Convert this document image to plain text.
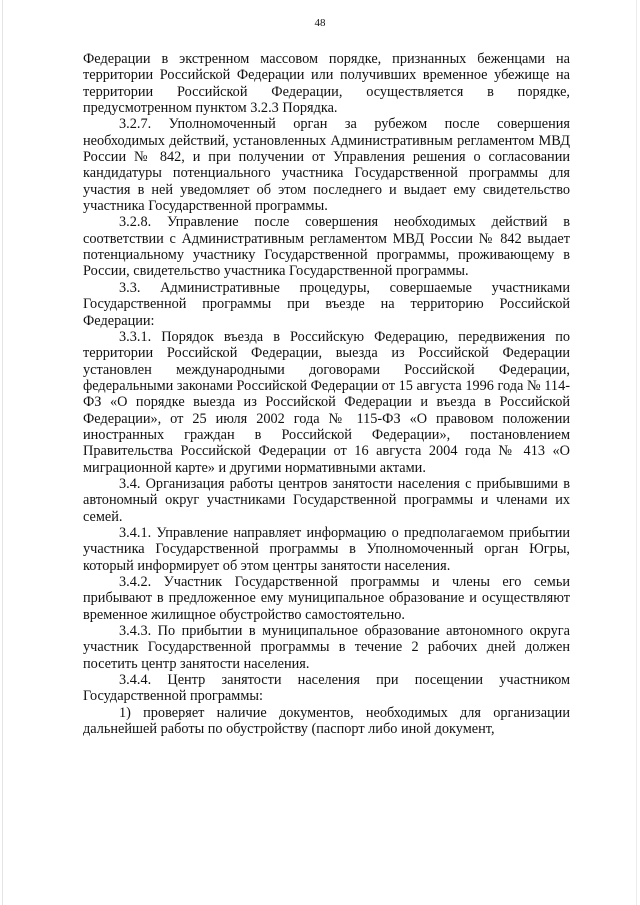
48

Федерации в экстренном массовом порядке, признанных беженцами на территории Российской Федерации или получивших временное убежище на территории Российской Федерации, осуществляется в порядке, предусмотренном пунктом 3.2.3 Порядка.

3.2.7. Уполномоченный орган за рубежом после совершения необходимых действий, установленных Административным регламентом МВД России № 842, и при получении от Управления решения о согласовании кандидатуры потенциального участника Государственной программы для участия в ней уведомляет об этом последнего и выдает ему свидетельство участника Государственной программы.

3.2.8. Управление после совершения необходимых действий в соответствии с Административным регламентом МВД России № 842 выдает потенциальному участнику Государственной программы, проживающему в России, свидетельство участника Государственной программы.

3.3. Административные процедуры, совершаемые участниками Государственной программы при въезде на территорию Российской Федерации:

3.3.1. Порядок въезда в Российскую Федерацию, передвижения по территории Российской Федерации, выезда из Российской Федерации установлен международными договорами Российской Федерации, федеральными законами Российской Федерации от 15 августа 1996 года № 114-ФЗ «О порядке выезда из Российской Федерации и въезда в Российской Федерации», от 25 июля 2002 года № 115-ФЗ «О правовом положении иностранных граждан в Российской Федерации», постановлением Правительства Российской Федерации от 16 августа 2004 года № 413 «О миграционной карте» и другими нормативными актами.

3.4. Организация работы центров занятости населения с прибывшими в автономный округ участниками Государственной программы и членами их семей.

3.4.1. Управление направляет информацию о предполагаемом прибытии участника Государственной программы в Уполномоченный орган Югры, который информирует об этом центры занятости населения.

3.4.2. Участник Государственной программы и члены его семьи прибывают в предложенное ему муниципальное образование и осуществляют временное жилищное обустройство самостоятельно.

3.4.3. По прибытии в муниципальное образование автономного округа участник Государственной программы в течение 2 рабочих дней должен посетить центр занятости населения.

3.4.4. Центр занятости населения при посещении участником Государственной программы:

1) проверяет наличие документов, необходимых для организации дальнейшей работы по обустройству (паспорт либо иной документ,
